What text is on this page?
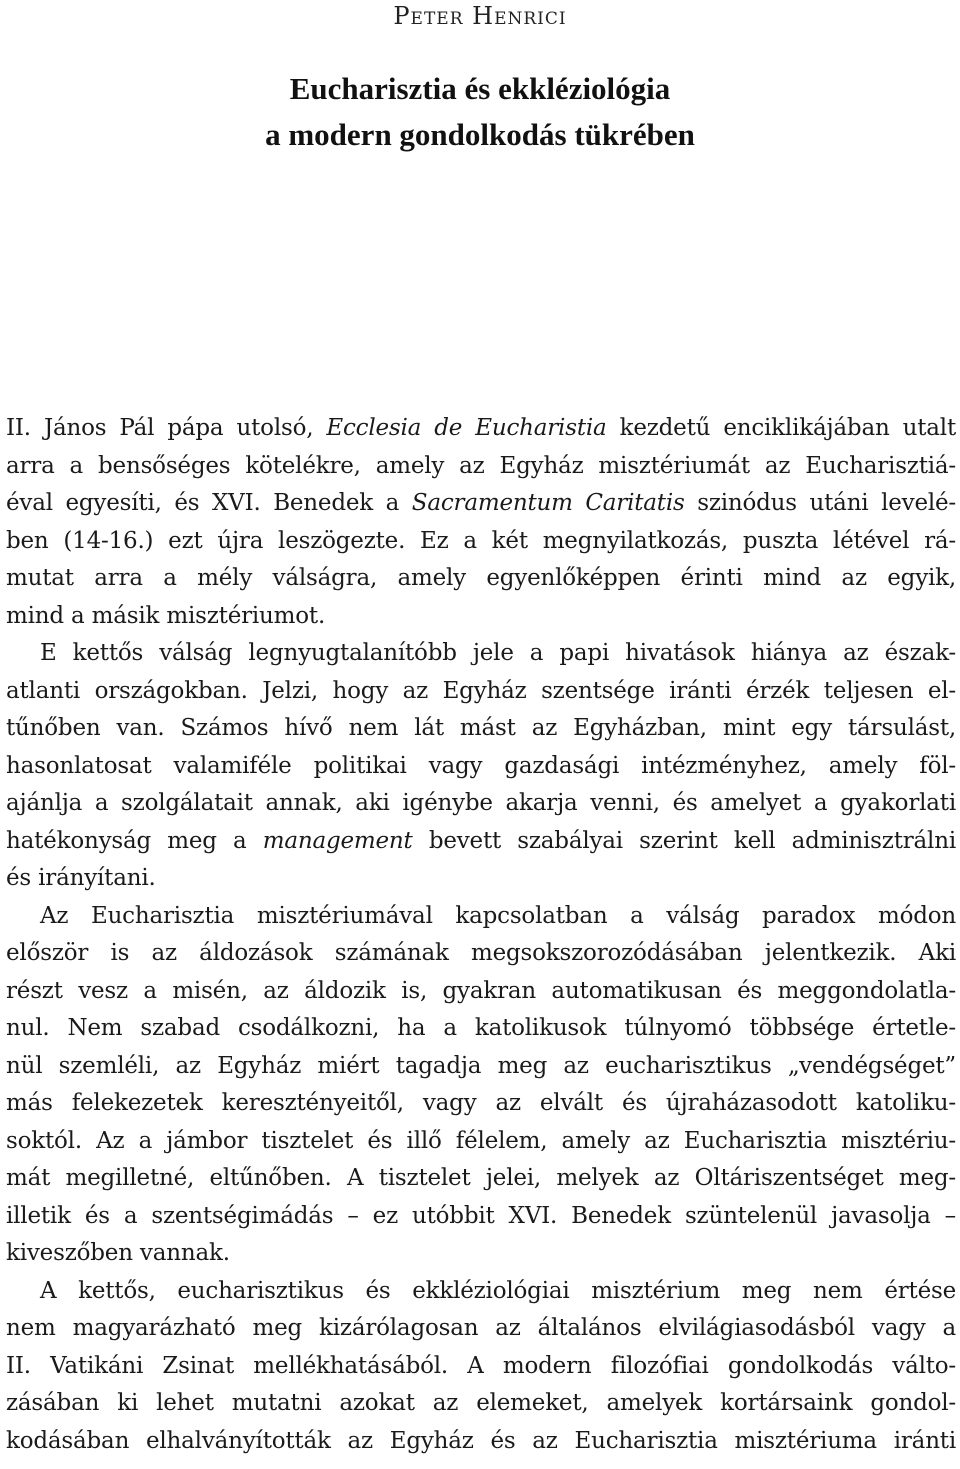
Peter Henrici
Eucharisztia és ekkléziológia
a modern gondolkodás tükrében
II. János Pál pápa utolsó, Ecclesia de Eucharistia kezdetű enciklikájában utalt
arra a bensőséges kötelékre, amely az Egyház misztériumát az Eucharisztiá-
éval egyesíti, és XVI. Benedek a Sacramentum Caritatis szinódus utáni levelé-
ben (14-16.) ezt újra leszögezte. Ez a két megnyilatkozás, puszta létével rá-
mutat arra a mély válságra, amely egyenlőképpen érinti mind az egyik,
mind a másik misztériumot.
E kettős válság legnyugtalanítóbb jele a papi hivatások hiánya az észak-
atlanti országokban. Jelzi, hogy az Egyház szentsége iránti érzék teljesen el-
tűnőben van. Számos hívő nem lát mást az Egyházban, mint egy társulást,
hasonlatosat valamiféle politikai vagy gazdasági intézményhez, amely föl-
ajánlja a szolgálatait annak, aki igénybe akarja venni, és amelyet a gyakorlati
hatékonyság meg a management bevett szabályai szerint kell adminisztrálni
és irányítani.
Az Eucharisztia misztériumával kapcsolatban a válság paradox módon
először is az áldozások számának megsokszorozódásában jelentkezik. Aki
részt vesz a misén, az áldozik is, gyakran automatikusan és meggondolatla-
nul. Nem szabad csodálkozni, ha a katolikusok túlnyomó többsége értetle-
nül szemléli, az Egyház miért tagadja meg az eucharisztikus „vendégséget”
más felekezetek keresztényeitől, vagy az elvált és újraházasodott katoliku-
soktól. Az a jámbor tisztelet és illő félelem, amely az Eucharisztia misztériu-
mát megilletné, eltűnőben. A tisztelet jelei, melyek az Oltáriszentséget meg-
illetik és a szentségimádás – ez utóbbit XVI. Benedek szüntelenül javasolja –
kiveszőben vannak.
A kettős, eucharisztikus és ekkléziológiai misztérium meg nem értése
nem magyarázható meg kizárólagosan az általános elvilágiasodásból vagy a
II. Vatikáni Zsinat mellékhatásából. A modern filozófiai gondolkodás válto-
zásában ki lehet mutatni azokat az elemeket, amelyek kortársaink gondol-
kodásában elhalványították az Egyház és az Eucharisztia misztériuma iránti
